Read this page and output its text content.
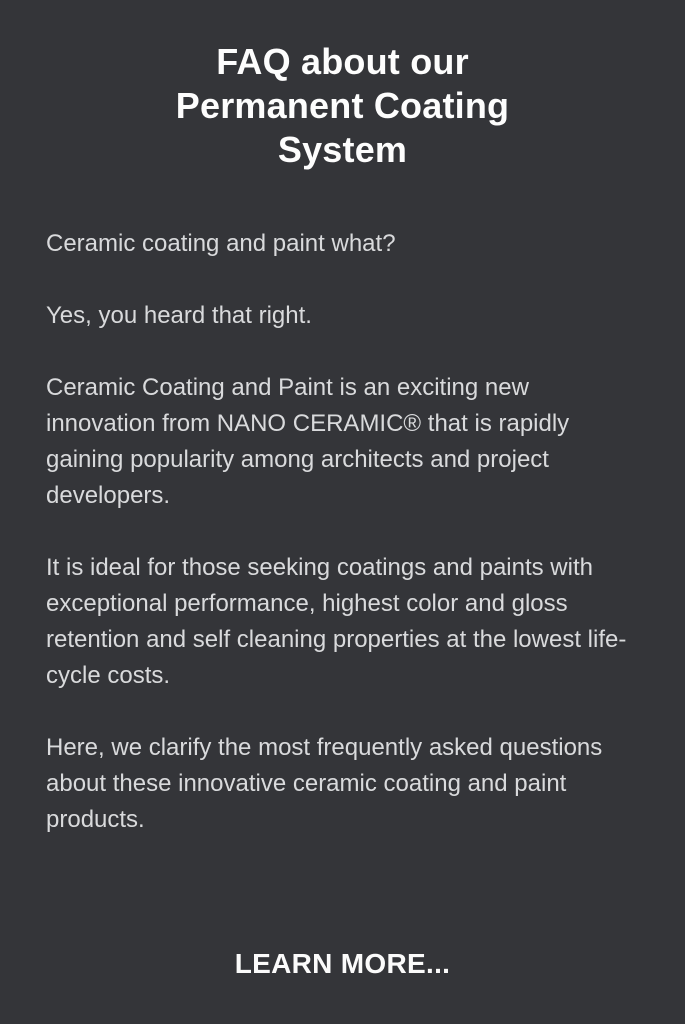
FAQ about our
Permanent Coating
System

Ceramic coating and paint what?

Yes, you heard that right.

Ceramic Coating and Paint is an exciting new innovation from NANO CERAMIC® that is rapidly gaining popularity among architects and project developers.

It is ideal for those seeking coatings and paints with exceptional performance, highest color and gloss retention and self cleaning properties at the lowest life-cycle costs.

Here, we clarify the most frequently asked questions about these innovative ceramic coating and paint products.

LEARN MORE...
